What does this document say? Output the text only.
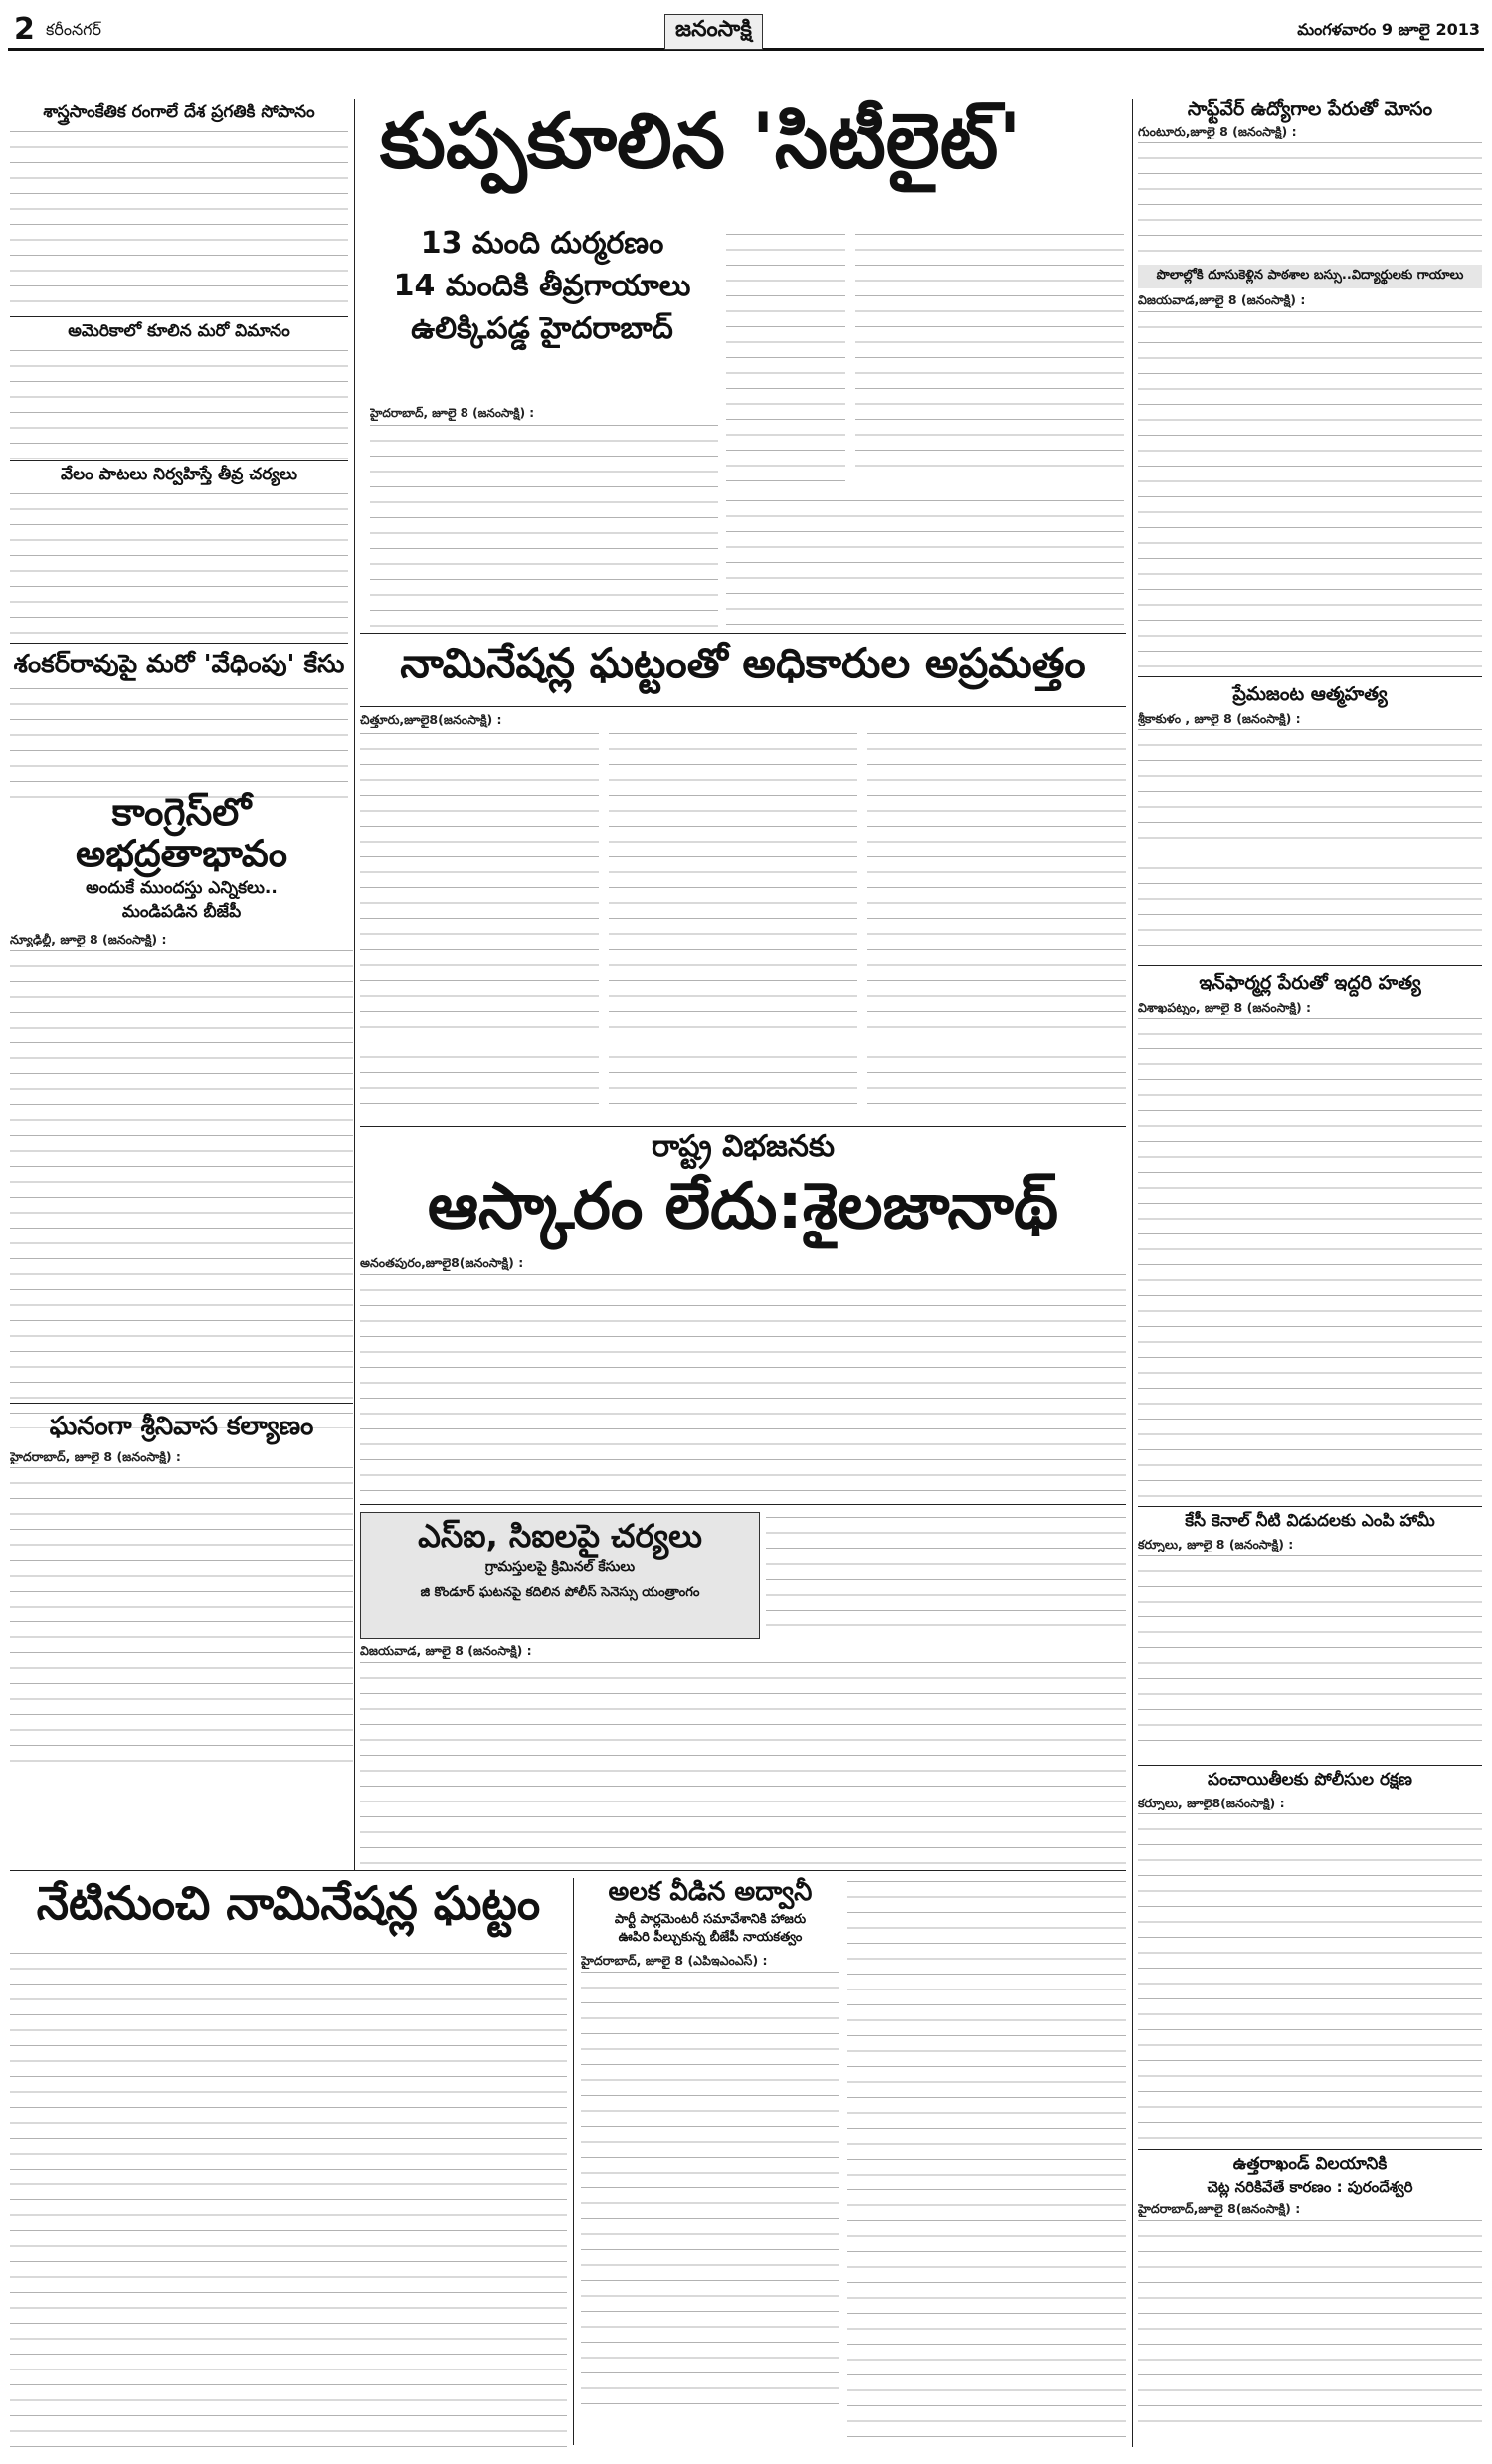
2 కరీంనగర్	జనంసాక్షి	మంగళవారం 9 జూలై 2013
శాస్త్రసాంకేతిక రంగాలే దేశ ప్రగతికి సోపానం
అమెరికాలో కూలిన మరో విమానం
వేలం పాటలు నిర్వహిస్తే తీవ్ర చర్యలు
శంకర్‌రావుపై మరో 'వేధింపు' కేసు
కుప్పకూలిన 'సిటీలైట్‌'
13 మంది దుర్మరణం
14 మందికి తీవ్రగాయాలు
ఉలిక్కిపడ్డ హైదరాబాద్‌
హైదరాబాద్‌, జూలై 8 (జనంసాక్షి) :
నామినేషన్ల ఘట్టంతో అధికారుల అప్రమత్తం
కాంగ్రెస్‌లో అభద్రతాభావం
అందుకే ముందస్తు ఎన్నికలు..
మండిపడిన బీజేపీ
న్యూఢిల్లీ, జూలై 8 (జనంసాక్షి) :
చిత్తూరు,జూలై8(జనంసాక్షి) :
రాష్ట్ర విభజనకు
ఆస్కారం లేదు:శైలజానాథ్‌
అనంతపురం,జూలై8(జనంసాక్షి) :
ఘనంగా శ్రీనివాస కల్యాణం
హైదరాబాద్‌, జూలై 8 (జనంసాక్షి) :
ఎస్‌ఐ, సిఐలపై చర్యలు
గ్రామస్తులపై క్రిమినల్‌ కేసులు
జి కొండూర్‌ ఘటనపై కదిలిన పోలీస్‌ సెనెస్సు యంత్రాంగం
విజయవాడ, జూలై 8 (జనంసాక్షి) :
నేటినుంచి నామినేషన్ల ఘట్టం	అలక వీడిన అద్వానీ
పార్టీ పార్లమెంటరీ సమావేశానికి హాజరు
ఊపిరి పీల్చుకున్న బీజేపీ నాయకత్వం
హైదరాబాద్‌, జూలై 8 (ఎపిఇఎంఎస్‌) :
సాఫ్ట్‌వేర్‌ ఉద్యోగాల పేరుతో మోసం
గుంటూరు,జూలై 8 (జనంసాక్షి) :
పొలాల్లోకి దూసుకెళ్లిన పాఠశాల బస్సు..విద్యార్థులకు గాయాలు
విజయవాడ,జూలై 8 (జనంసాక్షి) :
ప్రేమజంట ఆత్మహత్య
శ్రీకాకుళం , జూలై 8 (జనంసాక్షి) :
ఇన్‌ఫార్మర్ల పేరుతో ఇద్దరి హత్య
విశాఖపట్నం, జూలై 8 (జనంసాక్షి) :
కేసీ కెనాల్‌ నీటి విడుదలకు ఎంపి హామీ
కర్నూలు, జూలై 8 (జనంసాక్షి) :
పంచాయితీలకు పోలీసుల రక్షణ
కర్నూలు, జూలై8(జనంసాక్షి) :
ఉత్తరాఖండ్‌ విలయానికి
చెట్ల నరికివేతే కారణం : పురందేశ్వరి
హైదరాబాద్‌,జూలై 8(జనంసాక్షి) :
